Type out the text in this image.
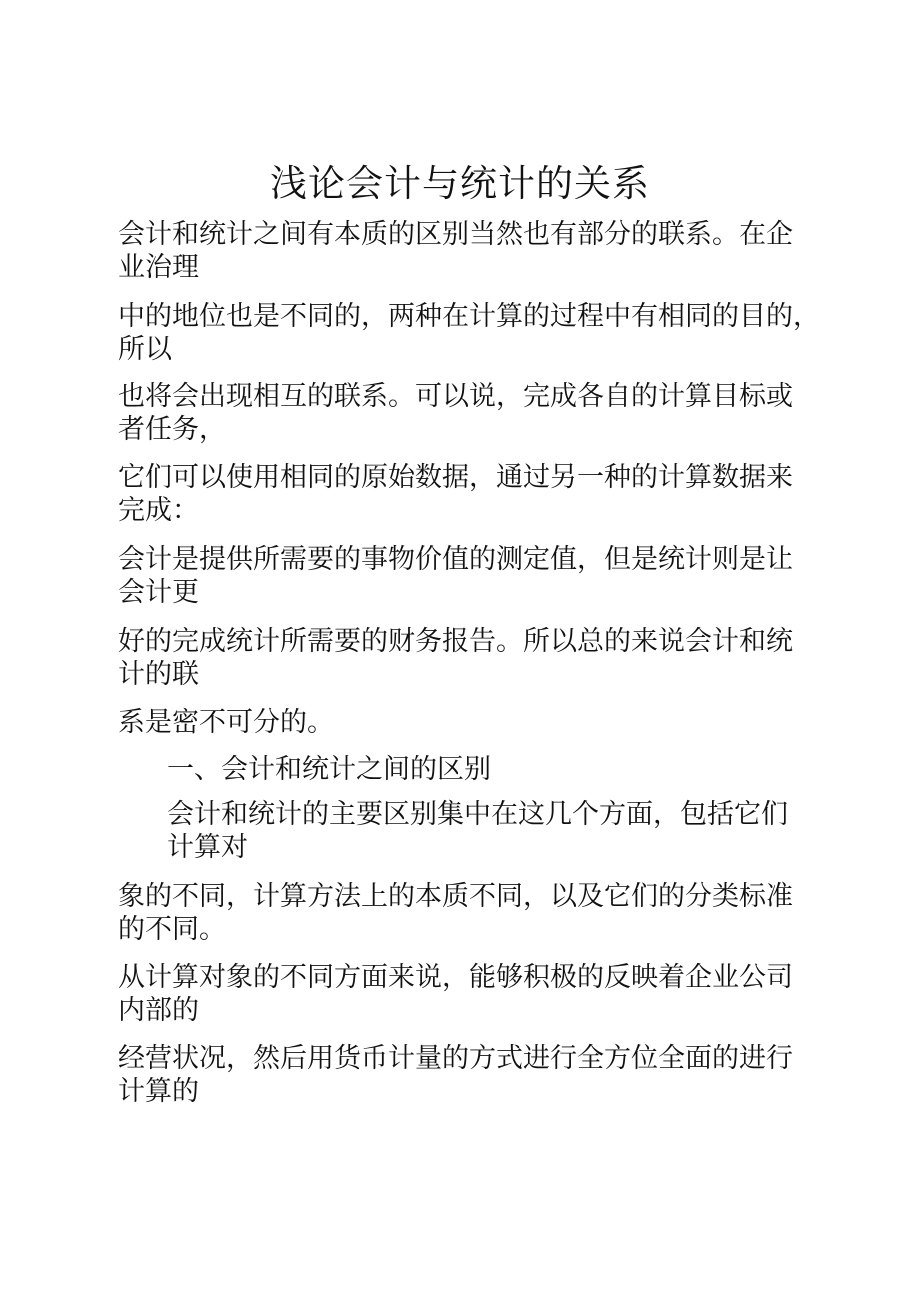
浅论会计与统计的关系

会计和统计之间有本质的区别当然也有部分的联系。在企
业治理

中的地位也是不同的，两种在计算的过程中有相同的目的，
所以

也将会出现相互的联系。可以说，完成各自的计算目标或
者任务，

它们可以使用相同的原始数据，通过另一种的计算数据来
完成：

会计是提供所需要的事物价值的测定值，但是统计则是让
会计更

好的完成统计所需要的财务报告。所以总的来说会计和统
计的联

系是密不可分的。

一、会计和统计之间的区别

会计和统计的主要区别集中在这几个方面，包括它们
计算对

象的不同，计算方法上的本质不同，以及它们的分类标准
的不同。

从计算对象的不同方面来说，能够积极的反映着企业公司
内部的

经营状况，然后用货币计量的方式进行全方位全面的进行
计算的
